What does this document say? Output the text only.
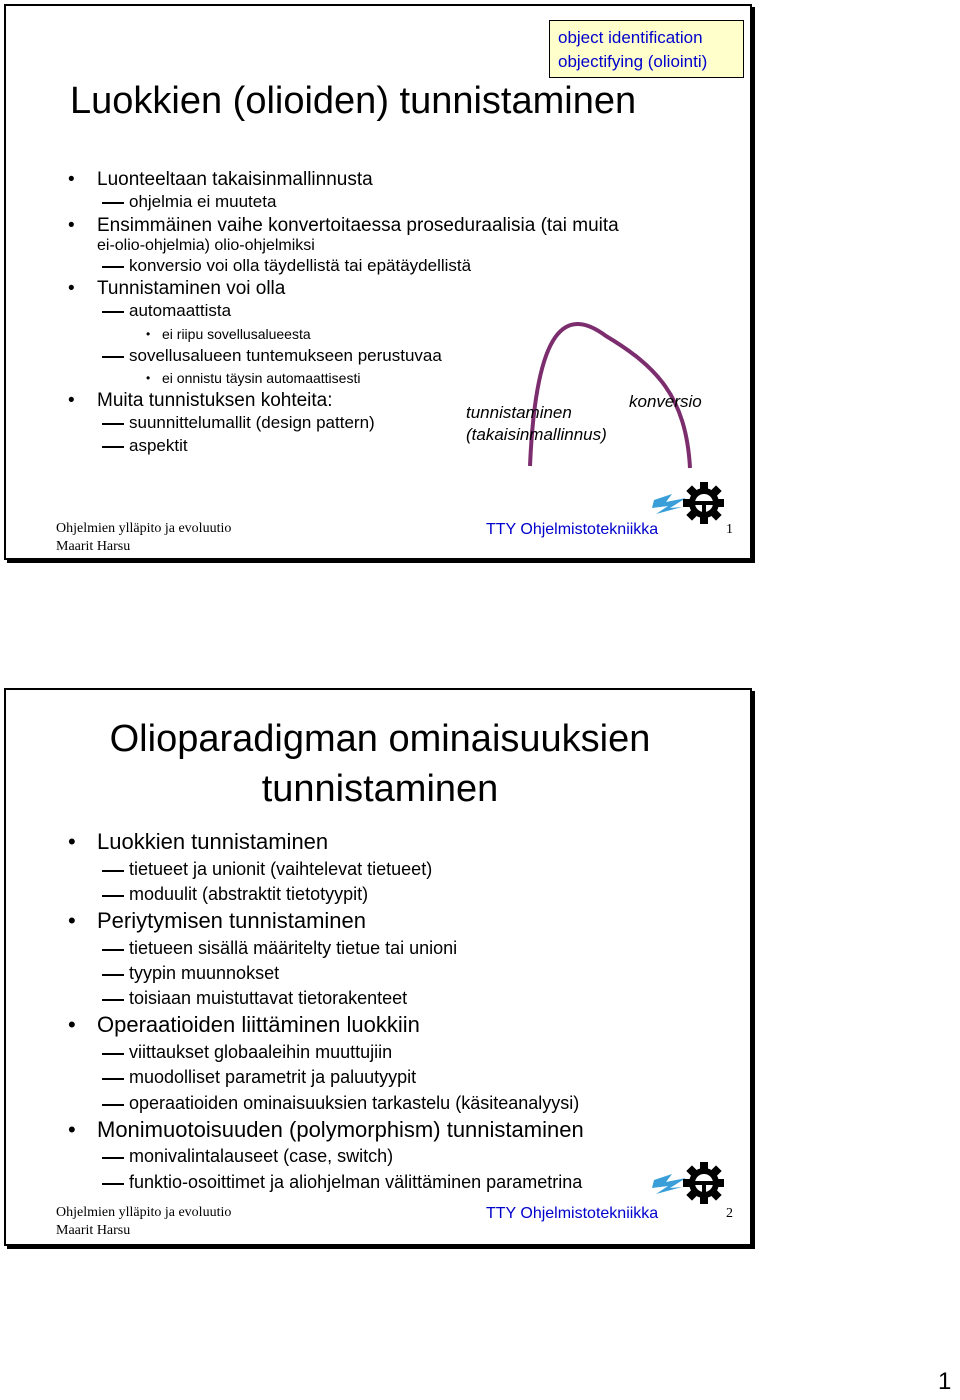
object identification
objectifying (oliointi)
Luokkien (olioiden) tunnistaminen
• Luonteeltaan takaisinmallinnusta
ohjelmia ei muuteta
• Ensimmäinen vaihe konvertoitaessa proseduraalisia (tai muita
ei-olio-ohjelmia) olio-ohjelmiksi
konversio voi olla täydellistä tai epätäydellistä
• Tunnistaminen voi olla
automaattista
• ei riipu sovellusalueesta
sovellusalueen tuntemukseen perustuvaa
• ei onnistu täysin automaattisesti
• Muita tunnistuksen kohteita:
suunnittelumallit (design pattern)
aspektit
tunnistaminen
(takaisinmallinnus)
konversio
Ohjelmien ylläpito ja evoluutio
Maarit Harsu
TTY Ohjelmistotekniikka	1
Olioparadigman ominaisuuksien
tunnistaminen
• Luokkien tunnistaminen
tietueet ja unionit (vaihtelevat tietueet)
moduulit (abstraktit tietotyypit)
• Periytymisen tunnistaminen
tietueen sisällä määritelty tietue tai unioni
tyypin muunnokset
toisiaan muistuttavat tietorakenteet
• Operaatioiden liittäminen luokkiin
viittaukset globaaleihin muuttujiin
muodolliset parametrit ja paluutyypit
operaatioiden ominaisuuksien tarkastelu (käsiteanalyysi)
• Monimuotoisuuden (polymorphism) tunnistaminen
monivalintalauseet (case, switch)
funktio-osoittimet ja aliohjelman välittäminen parametrina
Ohjelmien ylläpito ja evoluutio
Maarit Harsu
TTY Ohjelmistotekniikka	2
1
